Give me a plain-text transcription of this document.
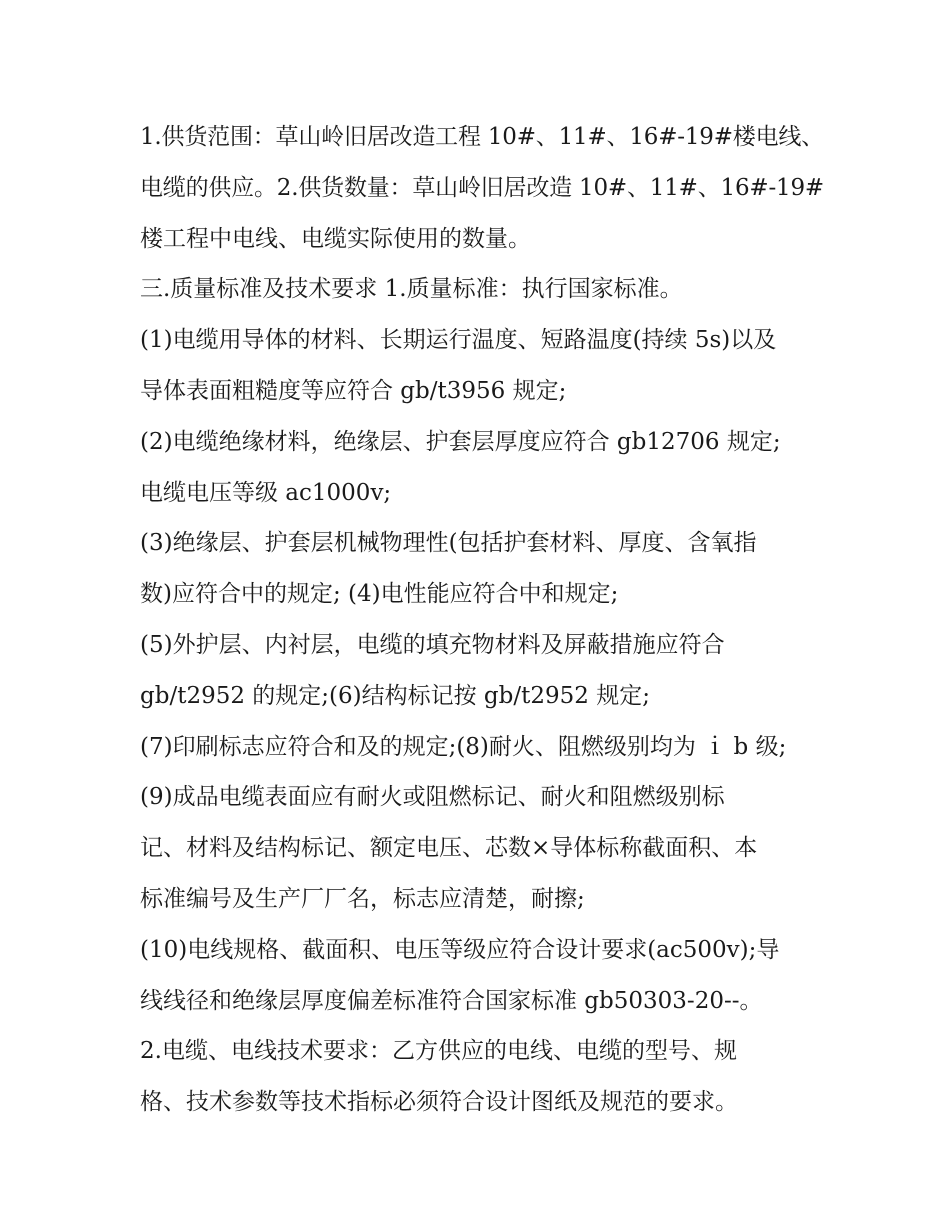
1.供货范围：草山岭旧居改造工程 10#、11#、16#-19#楼电线、
电缆的供应。2.供货数量：草山岭旧居改造 10#、11#、16#-19#
楼工程中电线、电缆实际使用的数量。
三.质量标准及技术要求 1.质量标准：执行国家标准。
(1)电缆用导体的材料、长期运行温度、短路温度(持续 5s)以及
导体表面粗糙度等应符合 gb/t3956 规定;
(2)电缆绝缘材料，绝缘层、护套层厚度应符合 gb12706 规定;
电缆电压等级 ac1000v;
(3)绝缘层、护套层机械物理性(包括护套材料、厚度、含氧指
数)应符合中的规定; (4)电性能应符合中和规定;
(5)外护层、内衬层，电缆的填充物材料及屏蔽措施应符合
gb/t2952 的规定;(6)结构标记按 gb/t2952 规定;
(7)印刷标志应符合和及的规定;(8)耐火、阻燃级别均为 ｉ b 级;
(9)成品电缆表面应有耐火或阻燃标记、耐火和阻燃级别标
记、材料及结构标记、额定电压、芯数×导体标称截面积、本
标准编号及生产厂厂名，标志应清楚，耐擦;
(10)电线规格、截面积、电压等级应符合设计要求(ac500v);导
线线径和绝缘层厚度偏差标准符合国家标准 gb50303-20--。
2.电缆、电线技术要求：乙方供应的电线、电缆的型号、规
格、技术参数等技术指标必须符合设计图纸及规范的要求。
